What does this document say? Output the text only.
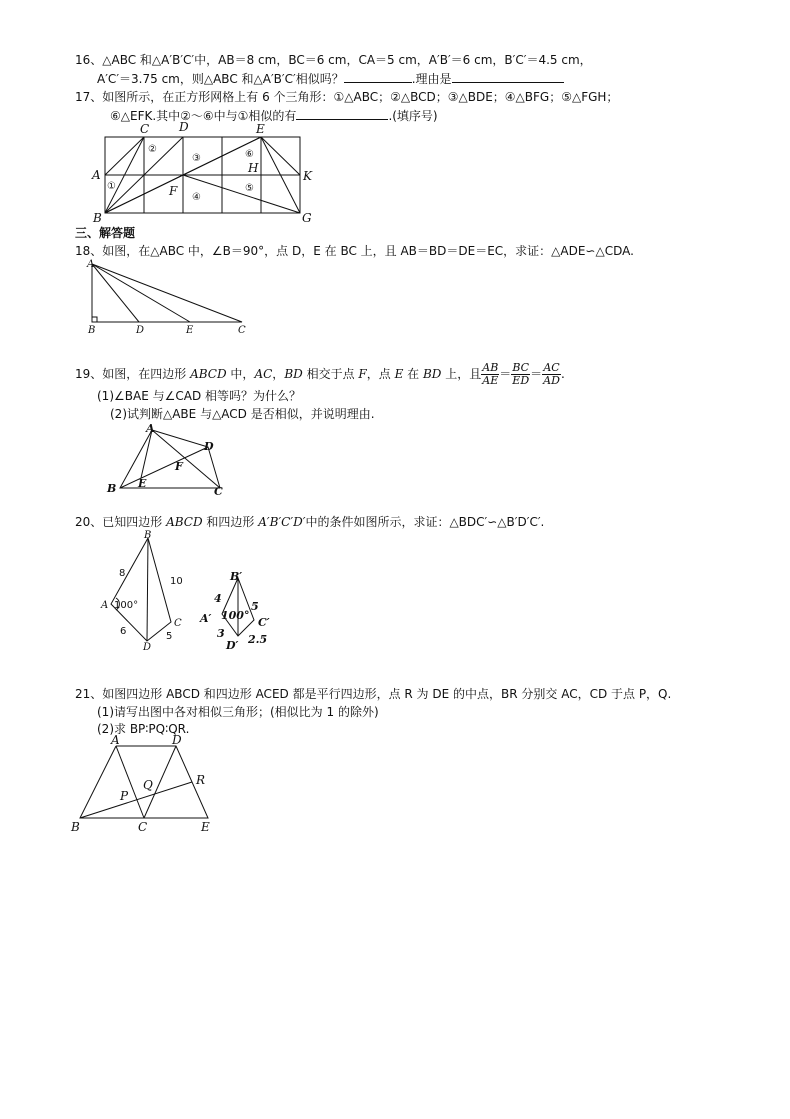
16、△ABC 和△A′B′C′中，AB＝8 cm，BC＝6 cm，CA＝5 cm，A′B′＝6 cm，B′C′＝4.5 cm，
A′C′＝3.75 cm，则△ABC 和△A′B′C′相似吗？	.理由是
17、如图所示，在正方形网格上有 6 个三角形：①△ABC；②△BCD；③△BDE；④△BFG；⑤△FGH；
⑥△EFK.其中②～⑥中与①相似的有	.(填序号)
A
B
C D	E
F
G
H
K
①
②
③
④
⑤
⑥
三、解答题
18、如图，在△ABC 中，∠B＝90°，点 D，E 在 BC 上，且 AB＝BD＝DE＝EC，求证：△ADE∽△CDA.
A
B	D	E	C
19、如图，在四边形 ABCD 中，AC，BD 相交于点 F，点 E 在 BD 上，且 $\frac{AB}{AE} = \frac{BC}{ED} = \frac{AC}{AD}$ .
(1)∠BAE 与∠CAD 相等吗？为什么？
(2)试判断△ABE 与△ACD 是否相似，并说明理由.
A
B	C
D
E
F
20、已知四边形 ABCD 和四边形 A′B′C′D′中的条件如图所示，求证：△BDC′∽△B′D′C′.
B
A
C
D
8
10
6	5
100°
B′
A′	C′
D′
4
5
3 2.5
100°
21、如图四边形 ABCD 和四边形 ACED 都是平行四边形，点 R 为 DE 的中点，BR 分别交 AC，CD 于点 P，Q.
(1)请写出图中各对相似三角形；(相似比为 1 的除外)
(2)求 BP∶PQ∶QR.
A	D
B	C	E
P
Q	R
